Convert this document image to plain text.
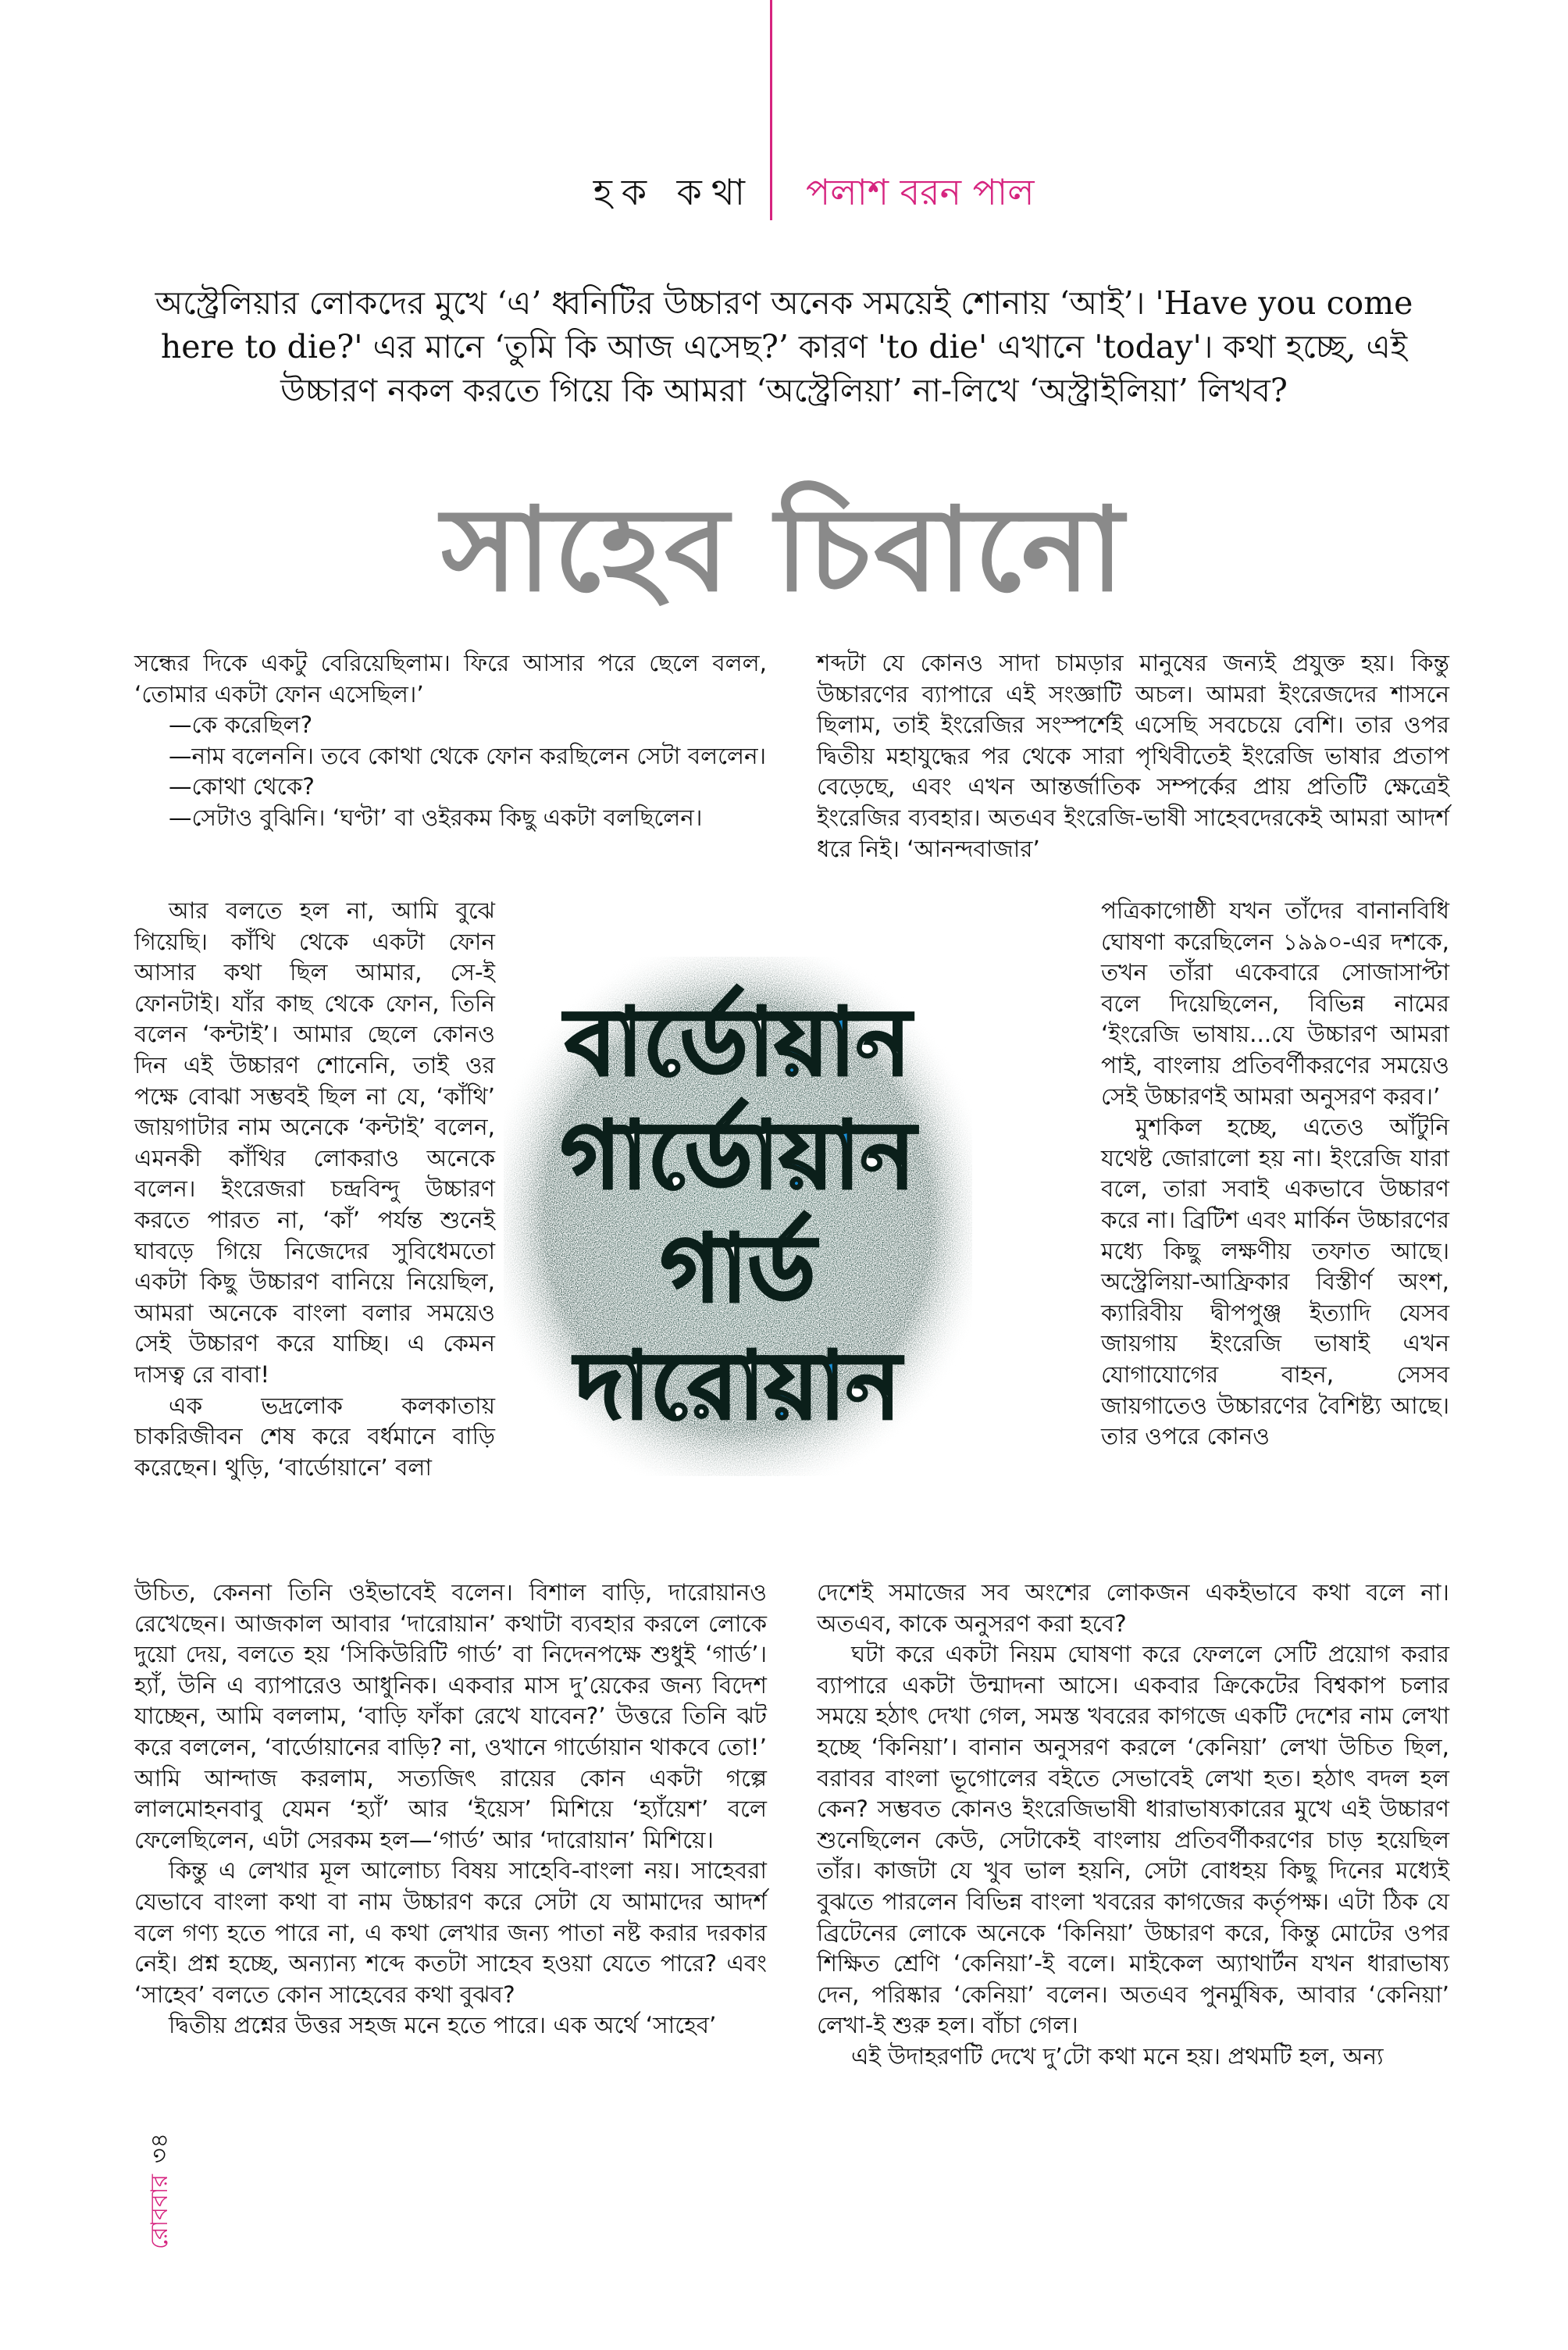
হক কথা পলাশ বরন পাল
অস্ট্রেলিয়ার লোকদের মুখে ‘এ’ ধ্বনিটির উচ্চারণ অনেক সময়েই শোনায় ‘আই’। 'Have you come here to die?' এর মানে ‘তুমি কি আজ এসেছ?’ কারণ 'to die' এখানে 'today'। কথা হচ্ছে, এই উচ্চারণ নকল করতে গিয়ে কি আমরা ‘অস্ট্রেলিয়া’ না-লিখে ‘অস্ট্রাইলিয়া’ লিখব?
সাহেব চিবানো

সন্ধের দিকে একটু বেরিয়েছিলাম। ফিরে আসার পরে ছেলে বলল, ‘তোমার একটা ফোন এসেছিল।’

—কে করেছিল?

—নাম বলেননি। তবে কোথা থেকে ফোন করছিলেন সেটা বললেন।

—কোথা থেকে?

—সেটাও বুঝিনি। ‘ঘণ্টা’ বা ওইরকম কিছু একটা বলছিলেন।

আর বলতে হল না, আমি বুঝে গিয়েছি। কাঁথি থেকে একটা ফোন আসার কথা ছিল আমার, সে-ই ফোনটাই। যাঁর কাছ থেকে ফোন, তিনি বলেন ‘কন্টাই’। আমার ছেলে কোনও দিন এই উচ্চারণ শোনেনি, তাই ওর পক্ষে বোঝা সম্ভবই ছিল না যে, ‘কাঁথি’ জায়গাটার নাম অনেকে ‘কন্টাই’ বলেন, এমনকী কাঁথির লোকরাও অনেকে বলেন। ইংরেজরা চন্দ্রবিন্দু উচ্চারণ করতে পারত না, ‘কাঁ’ পর্যন্ত শুনেই ঘাবড়ে গিয়ে নিজেদের সুবিধেমতো একটা কিছু উচ্চারণ বানিয়ে নিয়েছিল, আমরা অনেকে বাংলা বলার সময়েও সেই উচ্চারণ করে যাচ্ছি। এ কেমন দাসত্ব রে বাবা!

এক ভদ্রলোক কলকাতায় চাকরিজীবন শেষ করে বর্ধমানে বাড়ি করেছেন। থুড়ি, ‘বার্ডোয়ানে’ বলা

উচিত, কেননা তিনি ওইভাবেই বলেন। বিশাল বাড়ি, দারোয়ানও রেখেছেন। আজকাল আবার ‘দারোয়ান’ কথাটা ব্যবহার করলে লোকে দুয়ো দেয়, বলতে হয় ‘সিকিউরিটি গার্ড’ বা নিদেনপক্ষে শুধুই ‘গার্ড’। হ্যাঁ, উনি এ ব্যাপারেও আধুনিক। একবার মাস দু’য়েকের জন্য বিদেশ যাচ্ছেন, আমি বললাম, ‘বাড়ি ফাঁকা রেখে যাবেন?’ উত্তরে তিনি ঝট করে বললেন, ‘বার্ডোয়ানের বাড়ি? না, ওখানে গার্ডোয়ান থাকবে তো!’ আমি আন্দাজ করলাম, সত্যজিৎ রায়ের কোন একটা গল্পে লালমোহনবাবু যেমন ‘হ্যাঁ’ আর ‘ইয়েস’ মিশিয়ে ‘হ্যাঁয়েশ’ বলে ফেলেছিলেন, এটা সেরকম হল—‘গার্ড’ আর ‘দারোয়ান’ মিশিয়ে।

কিন্তু এ লেখার মূল আলোচ্য বিষয় সাহেবি-বাংলা নয়। সাহেবরা যেভাবে বাংলা কথা বা নাম উচ্চারণ করে সেটা যে আমাদের আদর্শ বলে গণ্য হতে পারে না, এ কথা লেখার জন্য পাতা নষ্ট করার দরকার নেই। প্রশ্ন হচ্ছে, অন্যান্য শব্দে কতটা সাহেব হওয়া যেতে পারে? এবং ‘সাহেব’ বলতে কোন সাহেবের কথা বুঝব?

দ্বিতীয় প্রশ্নের উত্তর সহজ মনে হতে পারে। এক অর্থে ‘সাহেব’

শব্দটা যে কোনও সাদা চামড়ার মানুষের জন্যই প্রযুক্ত হয়। কিন্তু উচ্চারণের ব্যাপারে এই সংজ্ঞাটি অচল। আমরা ইংরেজদের শাসনে ছিলাম, তাই ইংরেজির সংস্পর্শেই এসেছি সবচেয়ে বেশি। তার ওপর দ্বিতীয় মহাযুদ্ধের পর থেকে সারা পৃথিবীতেই ইংরেজি ভাষার প্রতাপ বেড়েছে, এবং এখন আন্তর্জাতিক সম্পর্কের প্রায় প্রতিটি ক্ষেত্রেই ইংরেজির ব্যবহার। অতএব ইংরেজি-ভাষী সাহেবদেরকেই আমরা আদর্শ ধরে নিই। ‘আনন্দবাজার’

পত্রিকাগোষ্ঠী যখন তাঁদের বানানবিধি ঘোষণা করেছিলেন ১৯৯০-এর দশকে, তখন তাঁরা একেবারে সোজাসাপ্টা বলে দিয়েছিলেন, বিভিন্ন নামের ‘ইংরেজি ভাষায়...যে উচ্চারণ আমরা পাই, বাংলায় প্রতিবর্ণীকরণের সময়েও সেই উচ্চারণই আমরা অনুসরণ করব।’

মুশকিল হচ্ছে, এতেও আঁটুনি যথেষ্ট জোরালো হয় না। ইংরেজি যারা বলে, তারা সবাই একভাবে উচ্চারণ করে না। ব্রিটিশ এবং মার্কিন উচ্চারণের মধ্যে কিছু লক্ষণীয় তফাত আছে। অস্ট্রেলিয়া-আফ্রিকার বিস্তীর্ণ অংশ, ক্যারিবীয় দ্বীপপুঞ্জ ইত্যাদি যেসব জায়গায় ইংরেজি ভাষাই এখন যোগাযোগের বাহন, সেসব জায়গাতেও উচ্চারণের বৈশিষ্ট্য আছে। তার ওপরে কোনও

দেশেই সমাজের সব অংশের লোকজন একইভাবে কথা বলে না। অতএব, কাকে অনুসরণ করা হবে?

ঘটা করে একটা নিয়ম ঘোষণা করে ফেললে সেটি প্রয়োগ করার ব্যাপারে একটা উন্মাদনা আসে। একবার ক্রিকেটের বিশ্বকাপ চলার সময়ে হঠাৎ দেখা গেল, সমস্ত খবরের কাগজে একটি দেশের নাম লেখা হচ্ছে ‘কিনিয়া’। বানান অনুসরণ করলে ‘কেনিয়া’ লেখা উচিত ছিল, বরাবর বাংলা ভূগোলের বইতে সেভাবেই লেখা হত। হঠাৎ বদল হল কেন? সম্ভবত কোনও ইংরেজিভাষী ধারাভাষ্যকারের মুখে এই উচ্চারণ শুনেছিলেন কেউ, সেটাকেই বাংলায় প্রতিবর্ণীকরণের চাড় হয়েছিল তাঁর। কাজটা যে খুব ভাল হয়নি, সেটা বোধহয় কিছু দিনের মধ্যেই বুঝতে পারলেন বিভিন্ন বাংলা খবরের কাগজের কর্তৃপক্ষ। এটা ঠিক যে ব্রিটেনের লোকে অনেকে ‘কিনিয়া’ উচ্চারণ করে, কিন্তু মোটের ওপর শিক্ষিত শ্রেণি ‘কেনিয়া’-ই বলে। মাইকেল অ্যাথার্টন যখন ধারাভাষ্য দেন, পরিষ্কার ‘কেনিয়া’ বলেন। অতএব পুনর্মুষিক, আবার ‘কেনিয়া’ লেখা-ই শুরু হল। বাঁচা গেল।

এই উদাহরণটি দেখে দু’টো কথা মনে হয়। প্রথমটি হল, অন্য

বার্ডোয়ান
গার্ডোয়ান
গার্ড
দারোয়ান
রোববার৩৪
